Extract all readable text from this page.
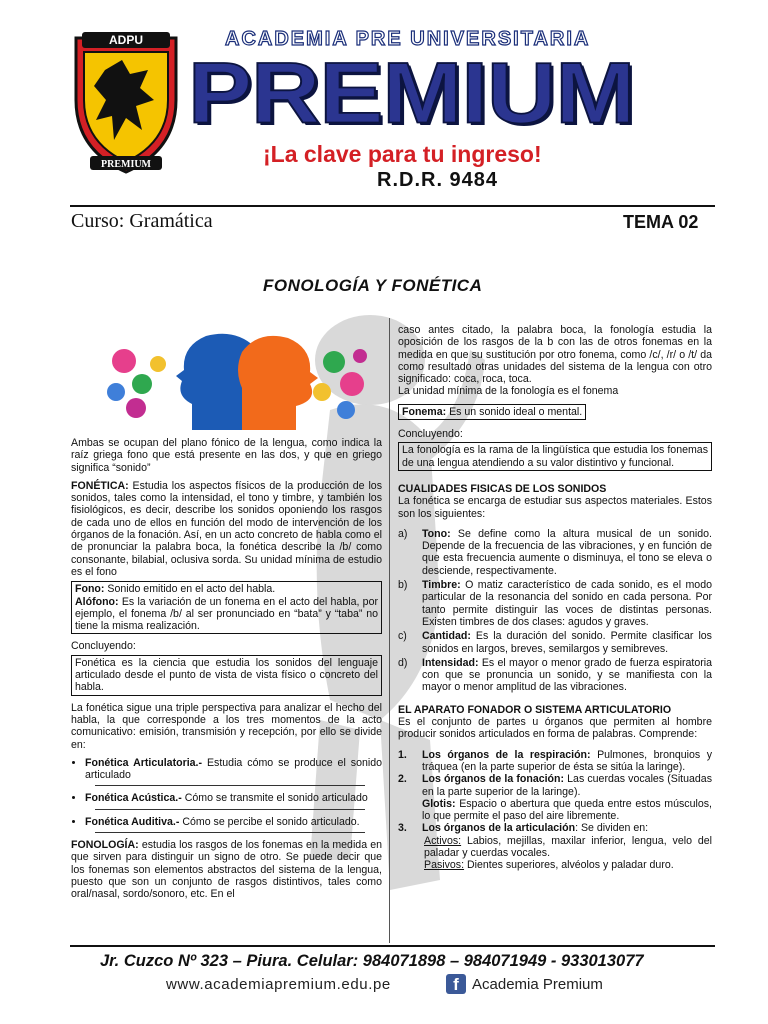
ADPU
PREMIUM
ACADEMIA PRE UNIVERSITARIA
PREMIUM
¡La clave para tu ingreso!
R.D.R. 9484
Curso: Gramática	TEMA 02
FONOLOGÍA Y FONÉTICA

Ambas se ocupan del plano fónico de la lengua, como indica la raíz griega fono que está presente en las dos, y que en griego significa “sonido”

FONÉTICA: Estudia los aspectos físicos de la producción de los sonidos, tales como la intensidad, el tono y timbre, y también los fisiológicos, es decir, describe los sonidos oponiendo los rasgos de cada uno de ellos en función del modo de intervención de los órganos de la fonación. Así, en un acto concreto de habla como el de pronunciar la palabra boca, la fonética describe la /b/ como consonante, bilabial, oclusiva sorda. Su unidad mínima de estudio es el fono

Fono: Sonido emitido en el acto del habla.
Alófono: Es la variación de un fonema en el acto del habla, por ejemplo, el fonema /b/ al ser pronunciado en “bata” y “taba” no tiene la misma realización.

Concluyendo:

Fonética es la ciencia que estudia los sonidos del lenguaje articulado desde el punto de vista de vista físico o concreto del habla.

La fonética sigue una triple perspectiva para analizar el hecho del habla, la que corresponde a los tres momentos de la acto comunicativo: emisión, transmisión y recepción, por ello se divide en:

• Fonética Articulatoria.- Estudia cómo se produce el sonido articulado
• Fonética Acústica.- Cómo se transmite el sonido articulado
• Fonética Auditiva.- Cómo se percibe el sonido articulado.

FONOLOGÍA: estudia los rasgos de los fonemas en la medida en que sirven para distinguir un signo de otro. Se puede decir que los fonemas son elementos abstractos del sistema de la lengua, puesto que son un conjunto de rasgos distintivos, tales como oral/nasal, sordo/sonoro, etc. En el

caso antes citado, la palabra boca, la fonología estudia la oposición de los rasgos de la b con las de otros fonemas en la medida en que su sustitución por otro fonema, como /c/, /r/ o /t/ da como resultado otras unidades del sistema de la lengua con otro significado: coca, roca, toca.

La unidad mínima de la fonología es el fonema

Fonema: Es un sonido ideal o mental.

Concluyendo:

La fonología es la rama de la lingüística que estudia los fonemas de una lengua atendiendo a su valor distintivo y funcional.

CUALIDADES FISICAS DE LOS SONIDOS

La fonética se encarga de estudiar sus aspectos materiales. Estos son los siguientes:

a)	Tono: Se define como la altura musical de un sonido. Depende de la frecuencia de las vibraciones, y en función de que esta frecuencia aumente o disminuya, el tono se eleva o desciende, respectivamente.
b)	Timbre: O matiz característico de cada sonido, es el modo particular de la resonancia del sonido en cada persona. Por tanto permite distinguir las voces de distintas personas. Existen timbres de dos clases: agudos y graves.
c)	Cantidad: Es la duración del sonido. Permite clasificar los sonidos en largos, breves, semilargos y semibreves.
d)	Intensidad: Es el mayor o menor grado de fuerza espiratoria con que se pronuncia un sonido, y se manifiesta con la mayor o menor amplitud de las vibraciones.

EL APARATO FONADOR O SISTEMA ARTICULATORIO

Es el conjunto de partes u órganos que permiten al hombre producir sonidos articulados en forma de palabras. Comprende:

1.	Los órganos de la respiración: Pulmones, bronquios y tráquea (en la parte superior de ésta se sitúa la laringe).
2.	Los órganos de la fonación: Las cuerdas vocales (Situadas en la parte superior de la laringe).
Glotis: Espacio o abertura que queda entre estos músculos, lo que permite el paso del aire libremente.
3.	Los órganos de la articulación: Se dividen en:
Activos: Labios, mejillas, maxilar inferior, lengua, velo del paladar y cuerdas vocales.
Pasivos: Dientes superiores, alvéolos y paladar duro.
Jr. Cuzco Nº 323 – Piura. Celular: 984071898 – 984071949 - 933013077
www.academiapremium.edu.pe	f Academia Premium
